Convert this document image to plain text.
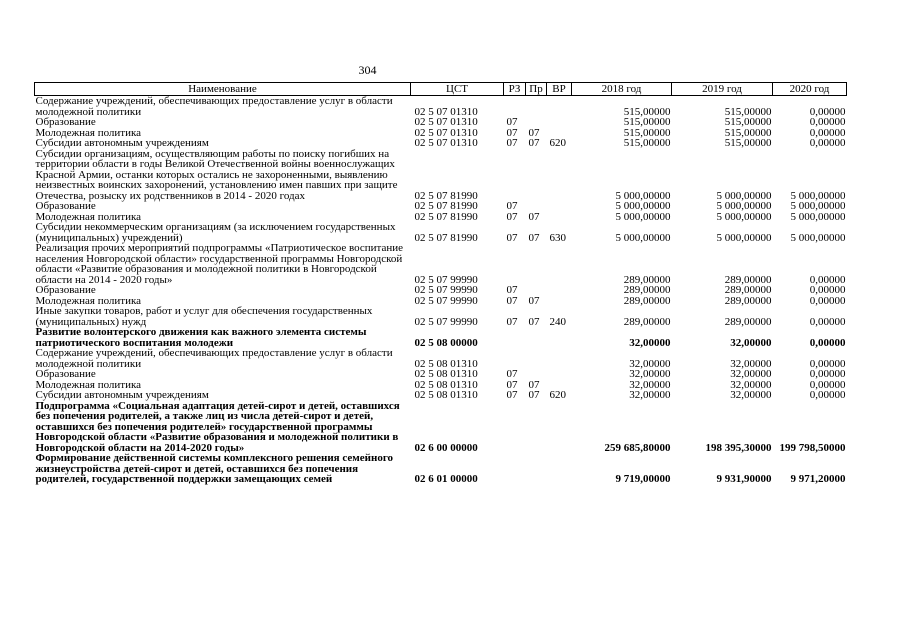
304
Наименование	ЦСТ	РЗ	Пр	ВР	2018 год	2019 год	2020 год
Содержание учреждений, обеспечивающих предоставление услуг в области молодежной политики	02 5 07 01310				515,00000	515,00000	0,00000
Образование	02 5 07 01310	07			515,00000	515,00000	0,00000
Молодежная политика	02 5 07 01310	07	07		515,00000	515,00000	0,00000
Субсидии автономным учреждениям	02 5 07 01310	07	07	620	515,00000	515,00000	0,00000
Субсидии организациям, осуществляющим работы по поиску погибших на территории области в годы Великой Отечественной войны военнослужащих Красной Армии, останки которых остались не захороненными, выявлению неизвестных воинских захоронений, установлению имен павших при защите Отечества, розыску их родственников в 2014 - 2020 годах	02 5 07 81990				5 000,00000	5 000,00000	5 000,00000
Образование	02 5 07 81990	07			5 000,00000	5 000,00000	5 000,00000
Молодежная политика	02 5 07 81990	07	07		5 000,00000	5 000,00000	5 000,00000
Субсидии некоммерческим организациям (за исключением государственных (муниципальных) учреждений)	02 5 07 81990	07	07	630	5 000,00000	5 000,00000	5 000,00000
Реализация прочих мероприятий подпрограммы «Патриотическое воспитание населения Новгородской области» государственной программы Новгородской области «Развитие образования и молодежной политики в Новгородской области на 2014 - 2020 годы»	02 5 07 99990				289,00000	289,00000	0,00000
Образование	02 5 07 99990	07			289,00000	289,00000	0,00000
Молодежная политика	02 5 07 99990	07	07		289,00000	289,00000	0,00000
Иные закупки товаров, работ и услуг для обеспечения государственных (муниципальных) нужд	02 5 07 99990	07	07	240	289,00000	289,00000	0,00000
Развитие волонтерского движения как важного элемента системы патриотического воспитания молодежи	02 5 08 00000				32,00000	32,00000	0,00000
Содержание учреждений, обеспечивающих предоставление услуг в области молодежной политики	02 5 08 01310				32,00000	32,00000	0,00000
Образование	02 5 08 01310	07			32,00000	32,00000	0,00000
Молодежная политика	02 5 08 01310	07	07		32,00000	32,00000	0,00000
Субсидии автономным учреждениям	02 5 08 01310	07	07	620	32,00000	32,00000	0,00000
Подпрограмма «Социальная адаптация детей-сирот и детей, оставшихся без попечения родителей, а также лиц из числа детей-сирот и детей, оставшихся без попечения родителей» государственной программы Новгородской области «Развитие образования и молодежной политики в Новгородской области на 2014-2020 годы»	02 6 00 00000				259 685,80000	198 395,30000	199 798,50000
Формирование действенной системы комплексного решения семейного жизнеустройства детей-сирот и детей, оставшихся без попечения родителей, государственной поддержки замещающих семей	02 6 01 00000				9 719,00000	9 931,90000	9 971,20000
